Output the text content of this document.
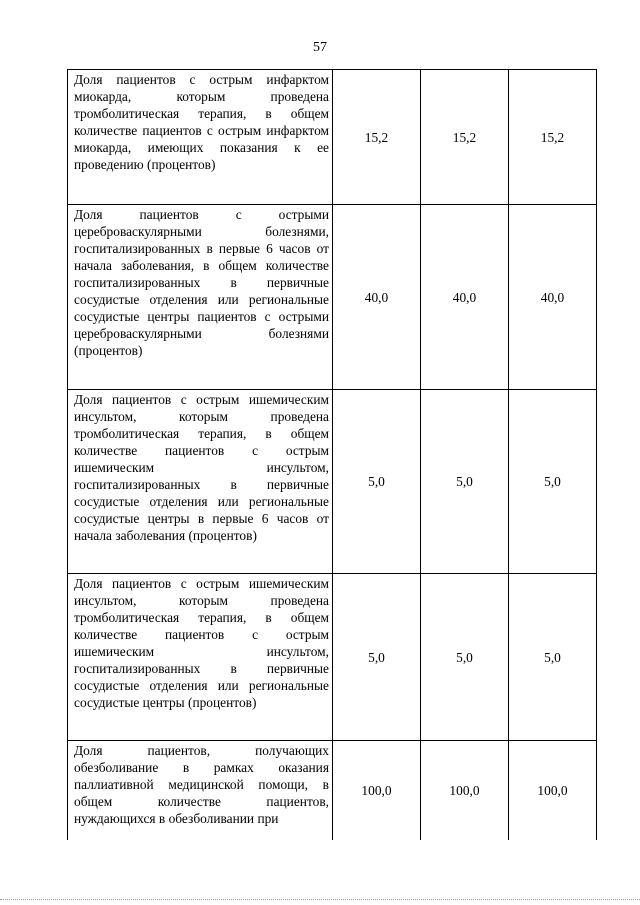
57
Доля пациентов с острым инфарктом миокарда, которым проведена тромболитическая терапия, в общем количестве пациентов с острым инфарктом миокарда, имеющих показания к ее проведению (процентов)	15,2	15,2	15,2
Доля пациентов с острыми цереброваскулярными болезнями, госпитализированных в первые 6 часов от начала заболевания, в общем количестве госпитализированных в первичные сосудистые отделения или региональные сосудистые центры пациентов с острыми цереброваскулярными болезнями (процентов)	40,0	40,0	40,0
Доля пациентов с острым ишемическим инсультом, которым проведена тромболитическая терапия, в общем количестве пациентов с острым ишемическим инсультом, госпитализированных в первичные сосудистые отделения или региональные сосудистые центры в первые 6 часов от начала заболевания (процентов)	5,0	5,0	5,0
Доля пациентов с острым ишемическим инсультом, которым проведена тромболитическая терапия, в общем количестве пациентов с острым ишемическим инсультом, госпитализированных в первичные сосудистые отделения или региональные сосудистые центры (процентов)	5,0	5,0	5,0
Доля пациентов, получающих обезболивание в рамках оказания паллиативной медицинской помощи, в общем количестве пациентов, нуждающихся в обезболивании при	100,0	100,0	100,0
